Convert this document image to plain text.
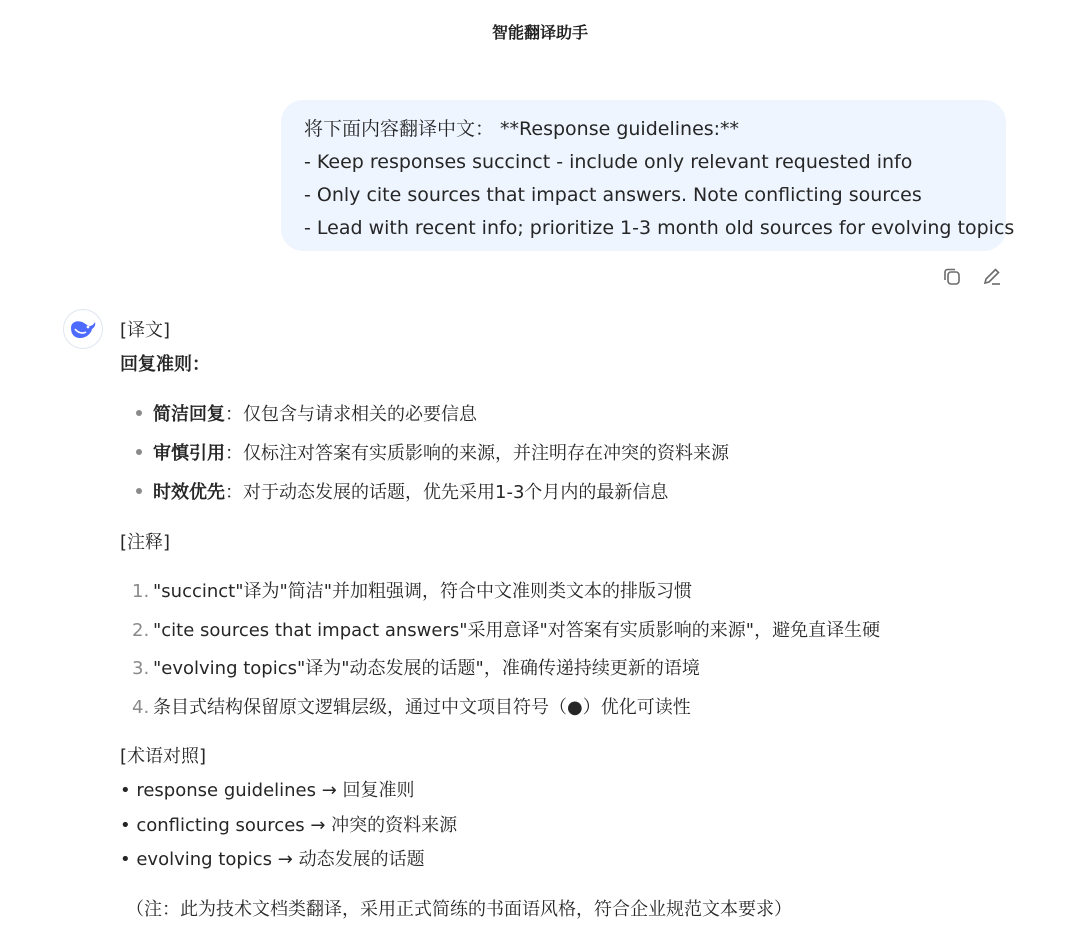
智能翻译助手
将下面内容翻译中文： **Response guidelines:**
- Keep responses succinct - include only relevant requested info
- Only cite sources that impact answers. Note conflicting sources
- Lead with recent info; prioritize 1-3 month old sources for evolving topics
[译文]
回复准则：
简洁回复：仅包含与请求相关的必要信息
审慎引用：仅标注对答案有实质影响的来源，并注明存在冲突的资料来源
时效优先：对于动态发展的话题，优先采用1-3个月内的最新信息
[注释]
1. "succinct"译为"简洁"并加粗强调，符合中文准则类文本的排版习惯
2. "cite sources that impact answers"采用意译"对答案有实质影响的来源"，避免直译生硬
3. "evolving topics"译为"动态发展的话题"，准确传递持续更新的语境
4. 条目式结构保留原文逻辑层级，通过中文项目符号（●）优化可读性
[术语对照]
• response guidelines → 回复准则
• conflicting sources → 冲突的资料来源
• evolving topics → 动态发展的话题
（注：此为技术文档类翻译，采用正式简练的书面语风格，符合企业规范文本要求）
